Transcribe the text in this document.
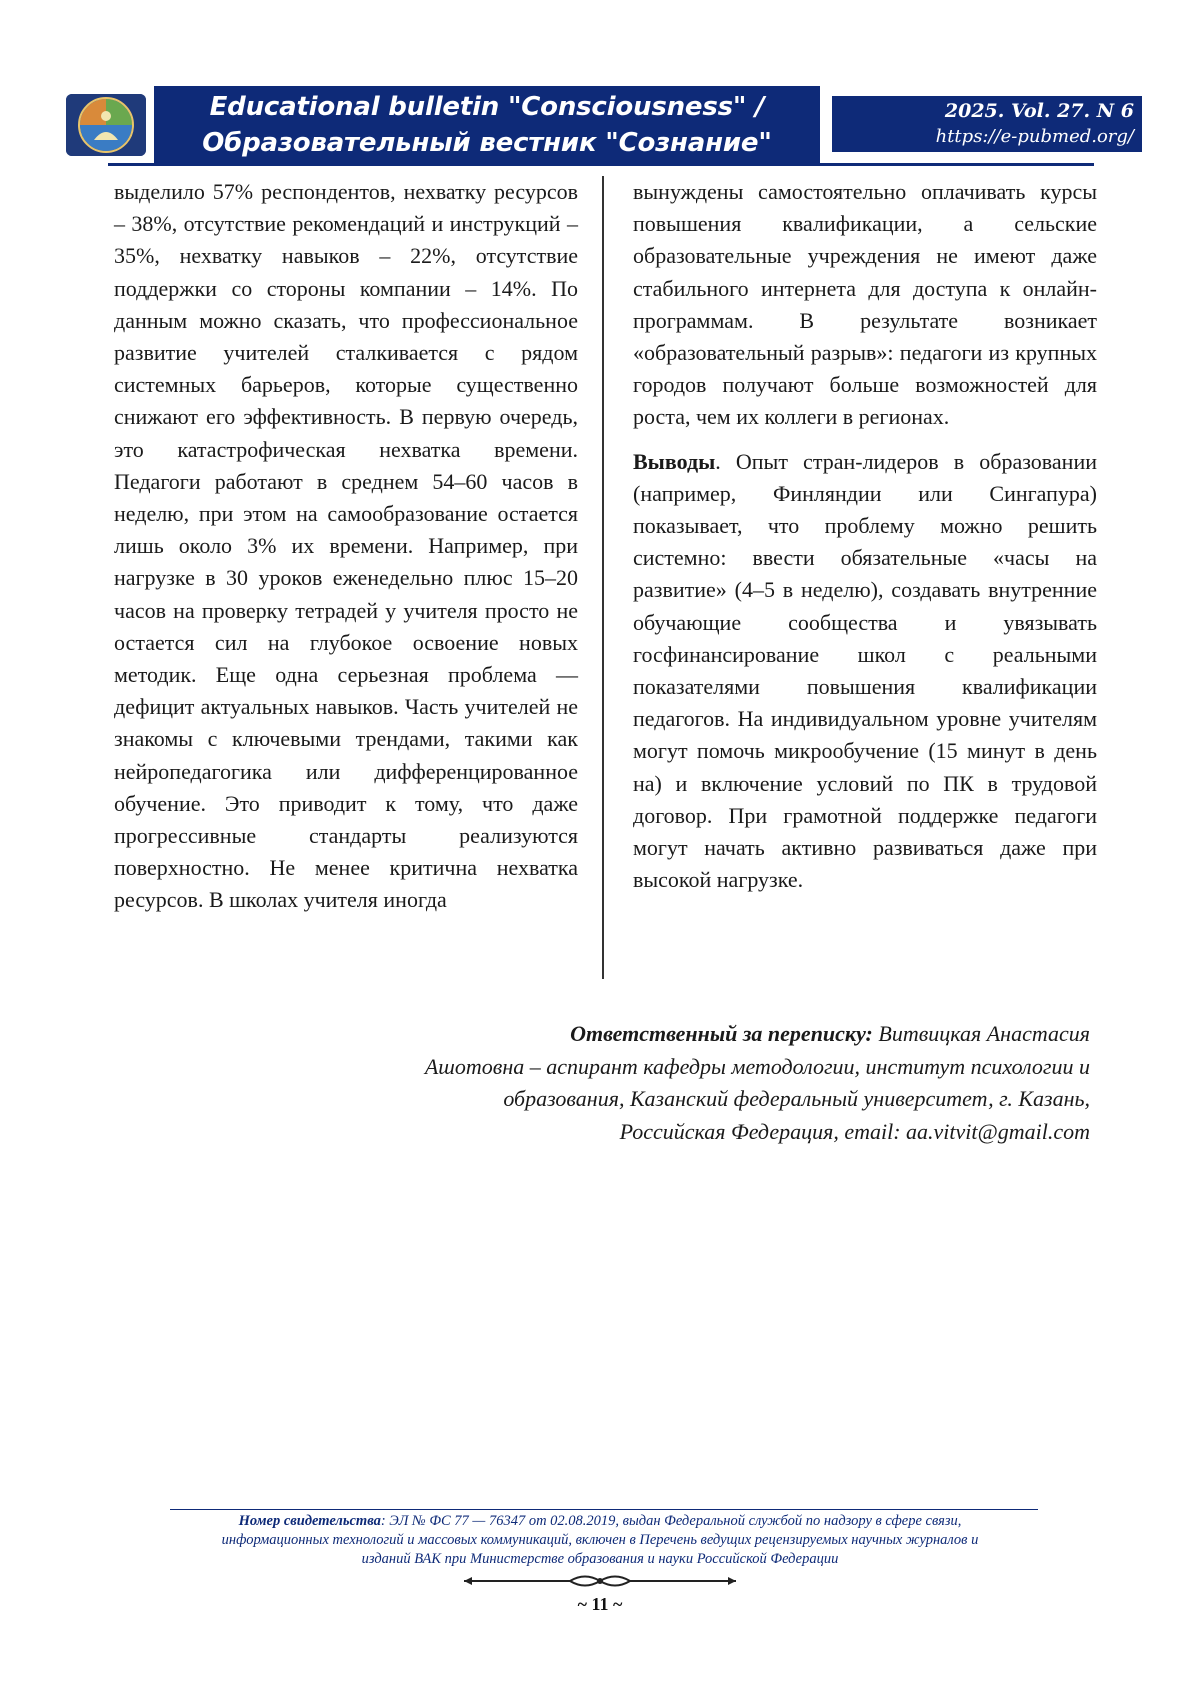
Educational bulletin "Consciousness" /
Образовательный вестник "Сознание"
2025. Vol. 27. N 6
https://e-pubmed.org/

выделило 57% респондентов, нехватку ресурсов – 38%, отсутствие рекомендаций и инструкций – 35%, нехватку навыков – 22%, отсутствие поддержки со стороны компании – 14%. По данным можно сказать, что профессиональное развитие учителей сталкивается с рядом системных барьеров, которые существенно снижают его эффективность. В первую очередь, это катастрофическая нехватка времени. Педагоги работают в среднем 54–60 часов в неделю, при этом на самообразование остается лишь около 3% их времени. Например, при нагрузке в 30 уроков еженедельно плюс 15–20 часов на проверку тетрадей у учителя просто не остается сил на глубокое освоение новых методик. Еще одна серьезная проблема — дефицит актуальных навыков. Часть учителей не знакомы с ключевыми трендами, такими как нейропедагогика или дифференцированное обучение. Это приводит к тому, что даже прогрессивные стандарты реализуются поверхностно. Не менее критична нехватка ресурсов. В школах учителя иногда

вынуждены самостоятельно оплачивать курсы повышения квалификации, а сельские образовательные учреждения не имеют даже стабильного интернета для доступа к онлайн-программам. В результате возникает «образовательный разрыв»: педагоги из крупных городов получают больше возможностей для роста, чем их коллеги в регионах.

Выводы. Опыт стран-лидеров в образовании (например, Финляндии или Сингапура) показывает, что проблему можно решить системно: ввести обязательные «часы на развитие» (4–5 в неделю), создавать внутренние обучающие сообщества и увязывать госфинансирование школ с реальными показателями повышения квалификации педагогов. На индивидуальном уровне учителям могут помочь микрообучение (15 минут в день на) и включение условий по ПК в трудовой договор. При грамотной поддержке педагоги могут начать активно развиваться даже при высокой нагрузке.

Ответственный за переписку: Витвицкая Анастасия
Ашотовна – аспирант кафедры методологии, институт психологии и
образования, Казанский федеральный университет, г. Казань,
Российская Федерация, email: aa.vitvit@gmail.com
Номер свидетельства: ЭЛ № ФС 77 — 76347 от 02.08.2019, выдан Федеральной службой по надзору в сфере связи,
информационных технологий и массовых коммуникаций, включен в Перечень ведущих рецензируемых научных журналов и
изданий ВАК при Министерстве образования и науки Российской Федерации
~ 11 ~
